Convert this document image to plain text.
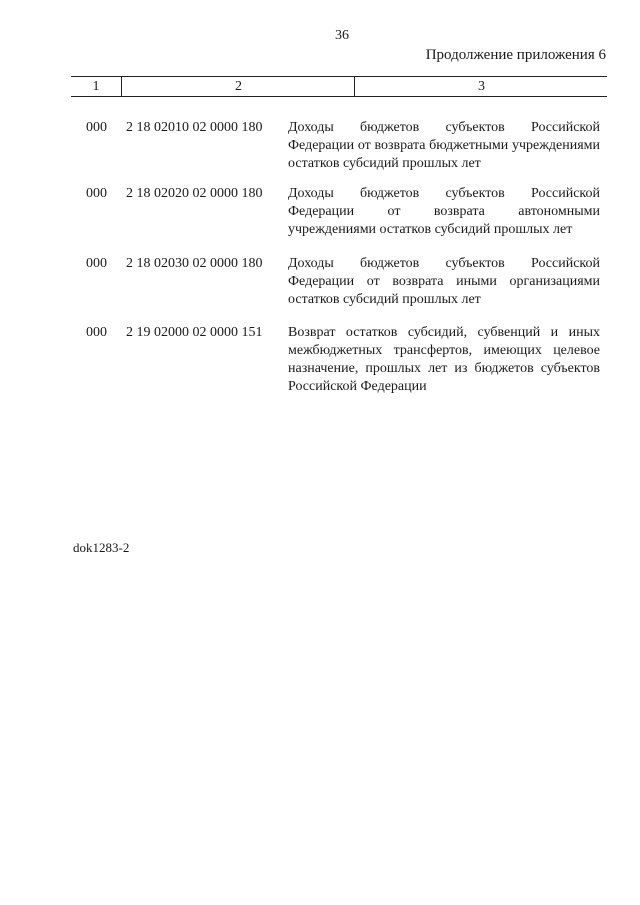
36
Продолжение приложения 6
1	2	3
000 2 18 02010 02 0000 180 Доходы бюджетов субъектов Российской Федерации от возврата бюджетными учреждениями остатков субсидий прошлых лет
000 2 18 02020 02 0000 180 Доходы бюджетов субъектов Российской Федерации от возврата автономными учреждениями остатков субсидий прошлых лет
000 2 18 02030 02 0000 180 Доходы бюджетов субъектов Российской Федерации от возврата иными организациями остатков субсидий прошлых лет
000 2 19 02000 02 0000 151 Возврат остатков субсидий, субвенций и иных межбюджетных трансфертов, имеющих целевое назначение, прошлых лет из бюджетов субъектов Российской Федерации
dok1283-2
